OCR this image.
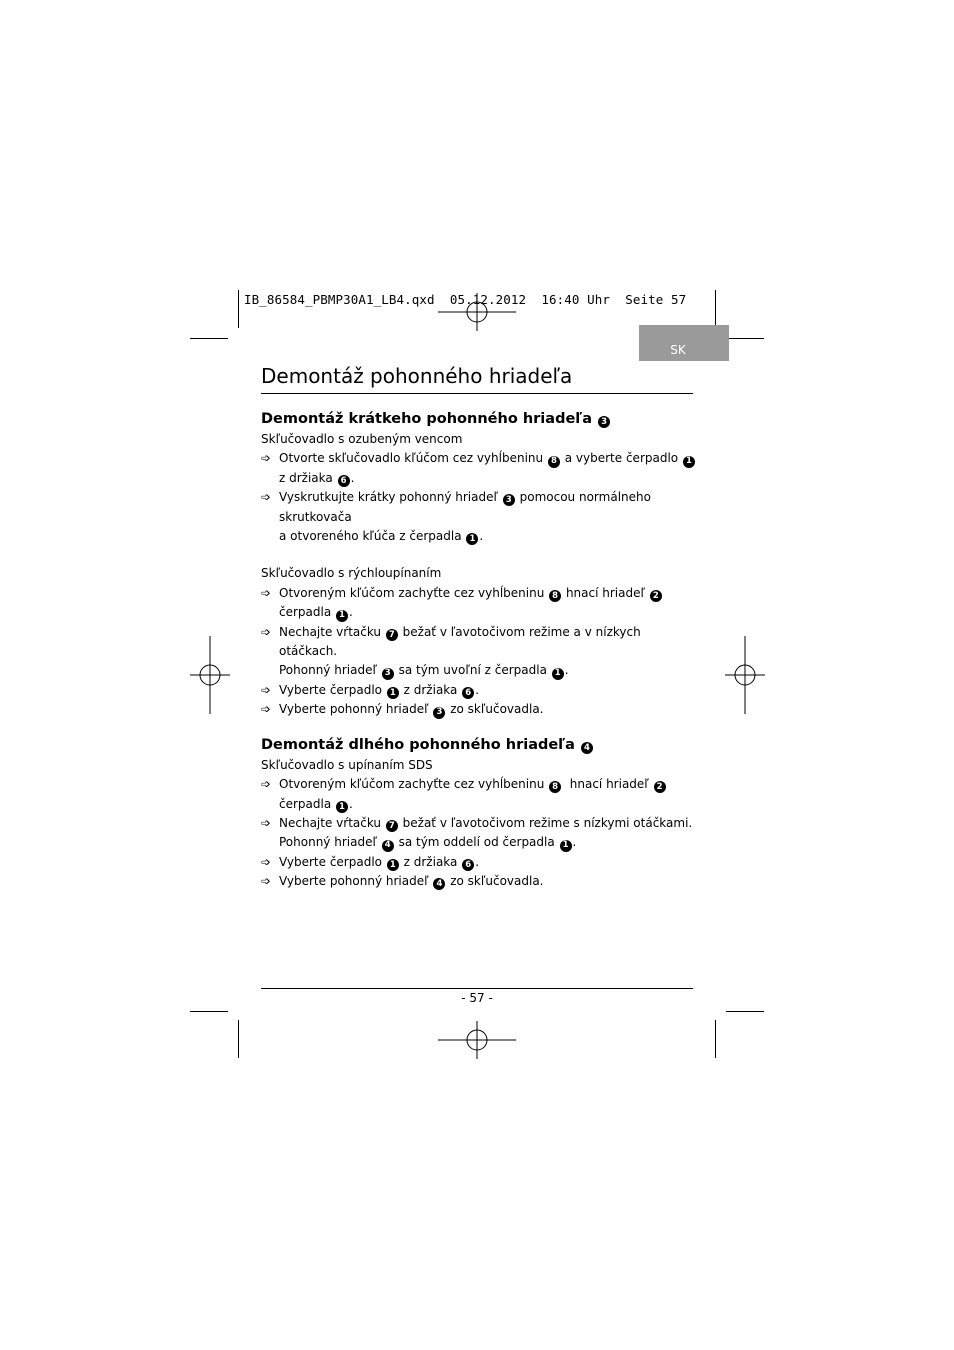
IB_86584_PBMP30A1_LB4.qxd  05.12.2012  16:40 Uhr  Seite 57
SK
Demontáž pohonného hriadeľa
Demontáž krátkeho pohonného hriadeľa 3

Skľučovadlo s ozubeným vencom

➩ Otvorte skľučovadlo kľúčom cez vyhĺbeninu 8 a vyberte čerpadlo 1
z držiaka 6 .
➩ Vyskrutkujte krátky pohonný hriadeľ 3 pomocou normálneho skrutkovača
a otvoreného kľúča z čerpadla 1 .

Skľučovadlo s rýchloupínaním

➩ Otvoreným kľúčom zachyťte cez vyhĺbeninu 8 hnací hriadeľ 2
čerpadla 1 .
➩ Nechajte vŕtačku 7 bežať v ľavotočivom režime a v nízkych otáčkach.
Pohonný hriadeľ 3 sa tým uvoľní z čerpadla 1 .
➩ Vyberte čerpadlo 1 z držiaka 6 .
➩ Vyberte pohonný hriadeľ 3 zo skľučovadla.
Demontáž dlhého pohonného hriadeľa 4

Skľučovadlo s upínaním SDS

➩ Otvoreným kľúčom zachyťte cez vyhĺbeninu 8  hnací hriadeľ 2 čerpadla 1 .
➩ Nechajte vŕtačku 7 bežať v ľavotočivom režime s nízkymi otáčkami.
Pohonný hriadeľ 4 sa tým oddelí od čerpadla 1 .
➩ Vyberte čerpadlo 1 z držiaka 6 .
➩ Vyberte pohonný hriadeľ 4 zo skľučovadla.
- 57 -
